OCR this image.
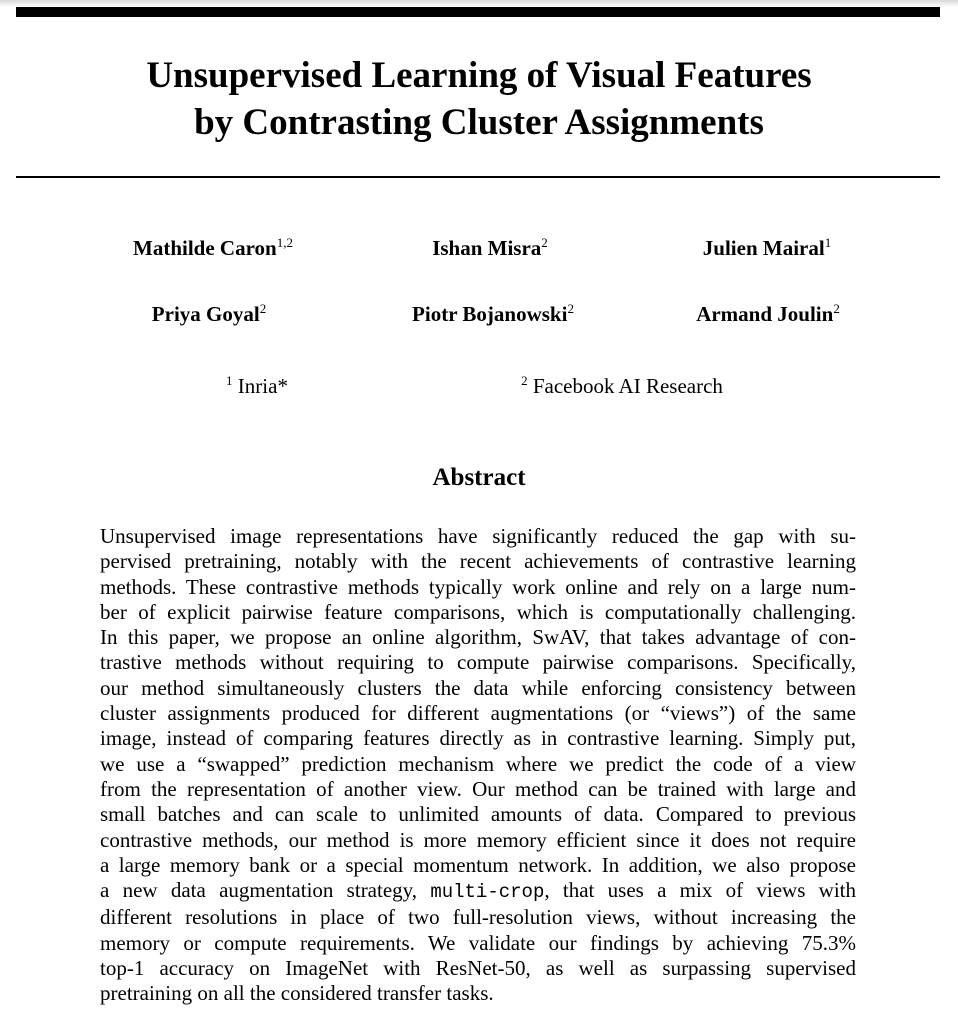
Unsupervised Learning of Visual Features
by Contrasting Cluster Assignments
Mathilde Caron$^{1,2}$	Ishan Misra$^2$	Julien Mairal$^1$
Priya Goyal$^2$	Piotr Bojanowski$^2$	Armand Joulin$^2$
$^1$ Inria*	$^2$ Facebook AI Research
Abstract
Unsupervised image representations have significantly reduced the gap with su-
pervised pretraining, notably with the recent achievements of contrastive learning
methods. These contrastive methods typically work online and rely on a large num-
ber of explicit pairwise feature comparisons, which is computationally challenging.
In this paper, we propose an online algorithm, SwAV, that takes advantage of con-
trastive methods without requiring to compute pairwise comparisons. Specifically,
our method simultaneously clusters the data while enforcing consistency between
cluster assignments produced for different augmentations (or “views”) of the same
image, instead of comparing features directly as in contrastive learning. Simply put,
we use a “swapped” prediction mechanism where we predict the code of a view
from the representation of another view. Our method can be trained with large and
small batches and can scale to unlimited amounts of data. Compared to previous
contrastive methods, our method is more memory efficient since it does not require
a large memory bank or a special momentum network. In addition, we also propose
a new data augmentation strategy, multi-crop, that uses a mix of views with
different resolutions in place of two full-resolution views, without increasing the
memory or compute requirements. We validate our findings by achieving 75.3%
top-1 accuracy on ImageNet with ResNet-50, as well as surpassing supervised
pretraining on all the considered transfer tasks.
